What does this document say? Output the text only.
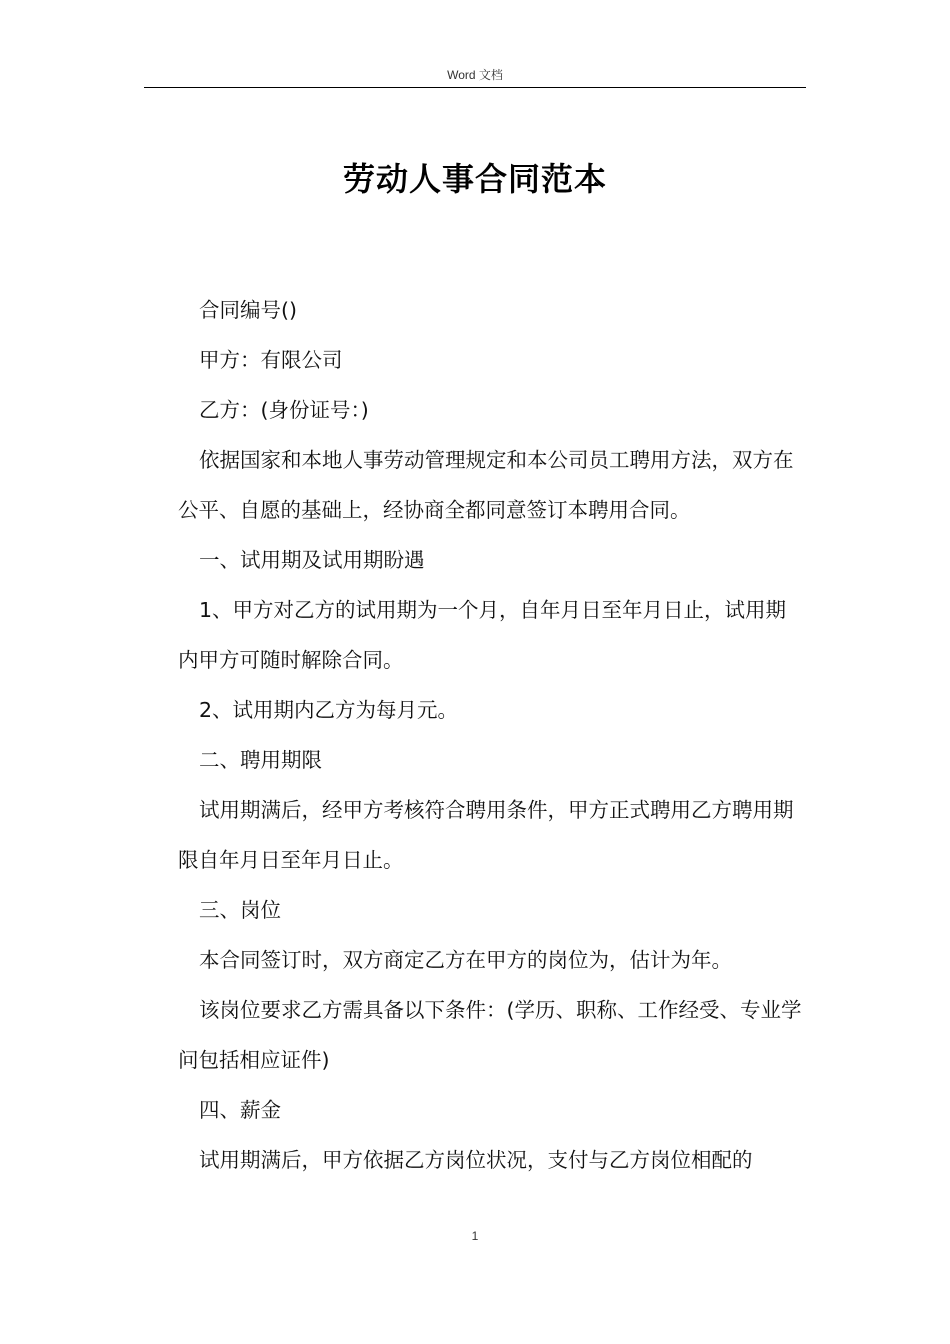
Word 文档
劳动人事合同范本

合同编号()

甲方：有限公司

乙方：(身份证号：)

依据国家和本地人事劳动管理规定和本公司员工聘用方法，双方在公平、自愿的基础上，经协商全都同意签订本聘用合同。

一、试用期及试用期盼遇

1、甲方对乙方的试用期为一个月，自年月日至年月日止，试用期内甲方可随时解除合同。

2、试用期内乙方为每月元。

二、聘用期限

试用期满后，经甲方考核符合聘用条件，甲方正式聘用乙方聘用期限自年月日至年月日止。

三、岗位

本合同签订时，双方商定乙方在甲方的岗位为，估计为年。

该岗位要求乙方需具备以下条件：(学历、职称、工作经受、专业学问包括相应证件)

四、薪金

试用期满后，甲方依据乙方岗位状况，支付与乙方岗位相配的

1
